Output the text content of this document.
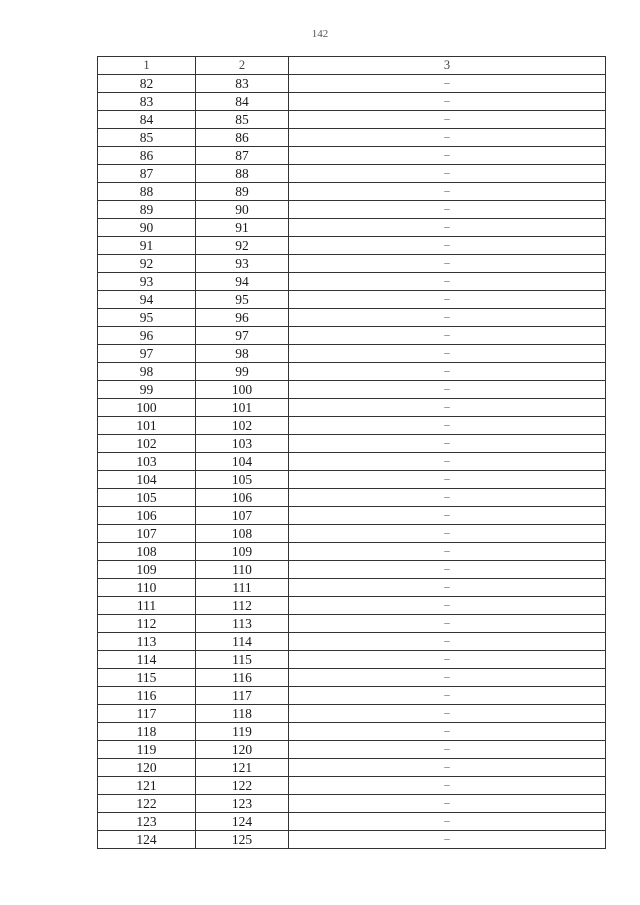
142
1	2	3
82	83	–
83	84	–
84	85	–
85	86	–
86	87	–
87	88	–
88	89	–
89	90	–
90	91	–
91	92	–
92	93	–
93	94	–
94	95	–
95	96	–
96	97	–
97	98	–
98	99	–
99	100	–
100	101	–
101	102	–
102	103	–
103	104	–
104	105	–
105	106	–
106	107	–
107	108	–
108	109	–
109	110	–
110	111	–
111	112	–
112	113	–
113	114	–
114	115	–
115	116	–
116	117	–
117	118	–
118	119	–
119	120	–
120	121	–
121	122	–
122	123	–
123	124	–
124	125	–
